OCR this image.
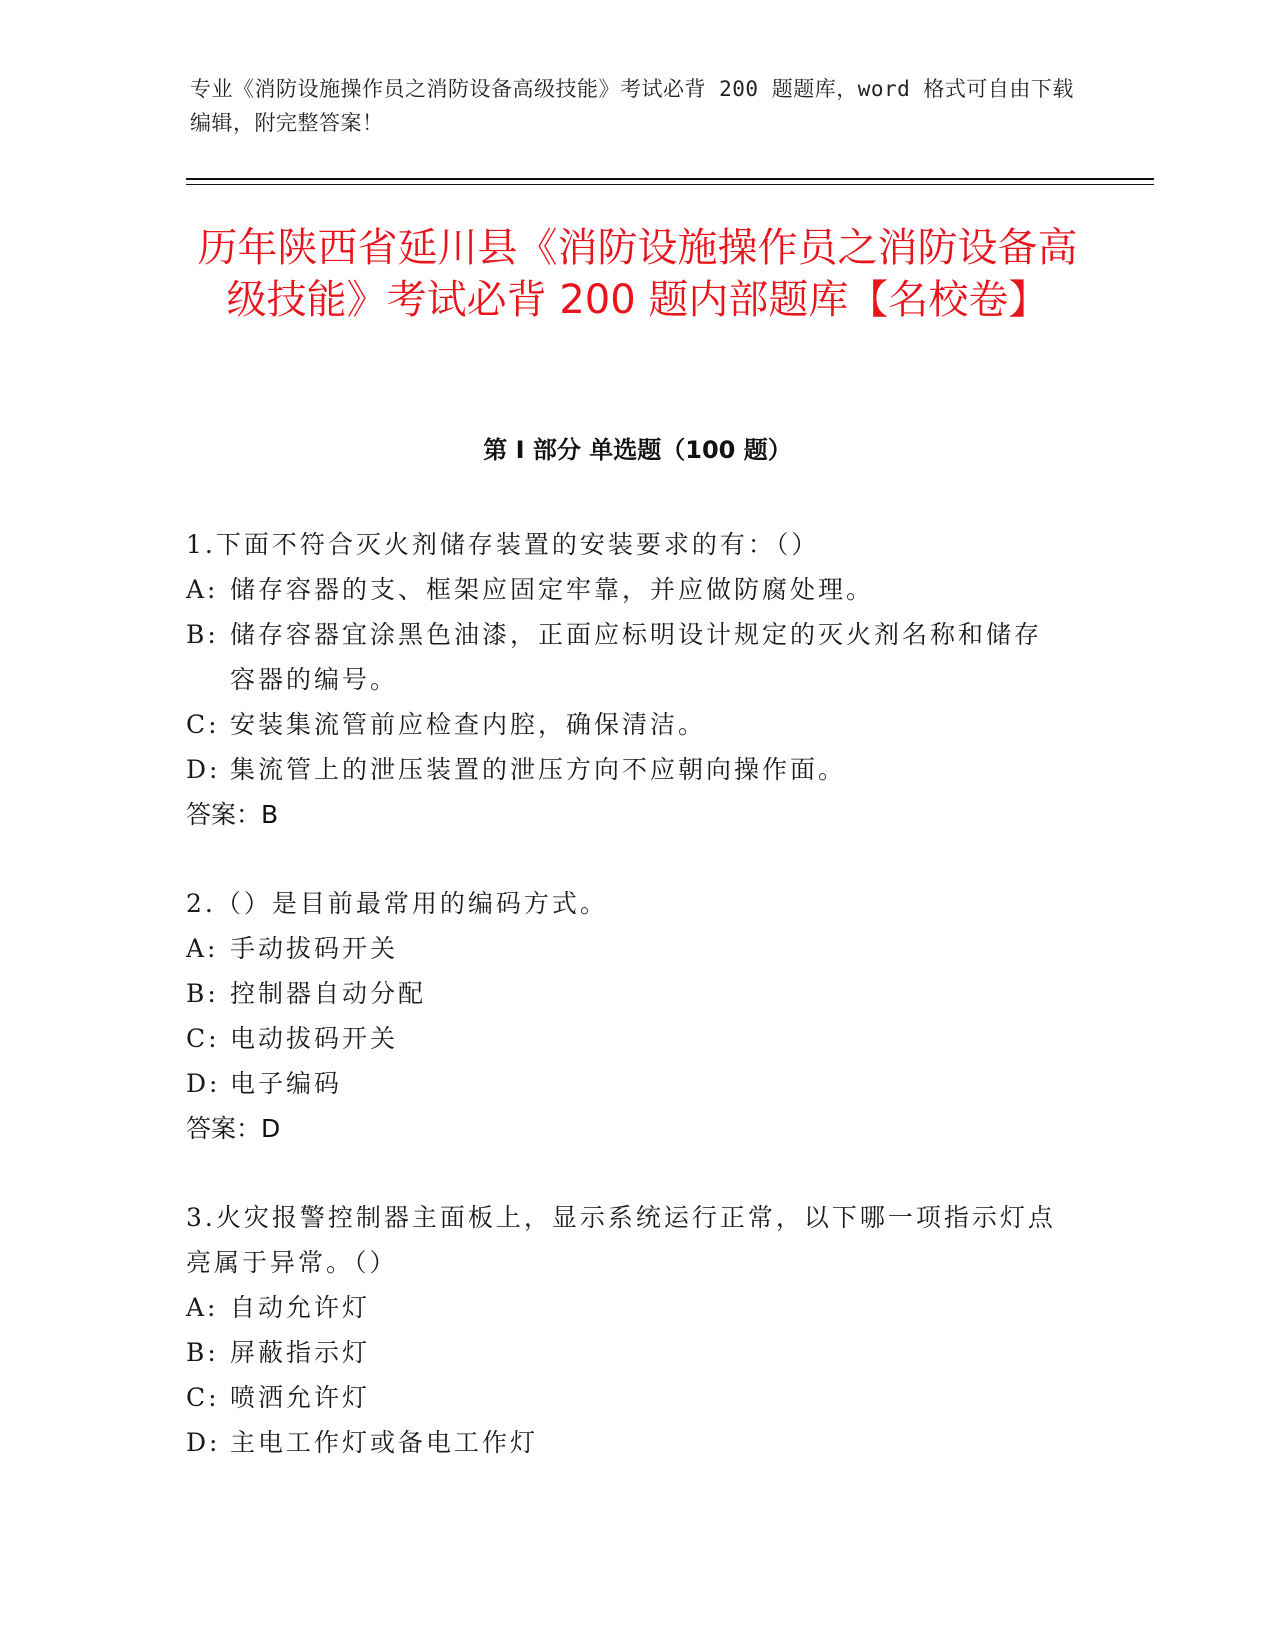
专业《消防设施操作员之消防设备高级技能》考试必背 200 题题库，word 格式可自由下载编辑，附完整答案！
历年陕西省延川县《消防设施操作员之消防设备高级技能》考试必背 200 题内部题库【名校卷】
第 I 部分 单选题（100 题）

1.下面不符合灭火剂储存装置的安装要求的有：（）

A: 储存容器的支、框架应固定牢靠，并应做防腐处理。
B: 储存容器宜涂黑色油漆，正面应标明设计规定的灭火剂名称和储存容器的编号。
C: 安装集流管前应检查内腔，确保清洁。
D: 集流管上的泄压装置的泄压方向不应朝向操作面。

答案：B

2.（）是目前最常用的编码方式。

A: 手动拔码开关
B: 控制器自动分配
C: 电动拔码开关
D: 电子编码

答案：D

3.火灾报警控制器主面板上，显示系统运行正常，以下哪一项指示灯点亮属于异常。（）

A: 自动允许灯
B: 屏蔽指示灯
C: 喷洒允许灯
D: 主电工作灯或备电工作灯
